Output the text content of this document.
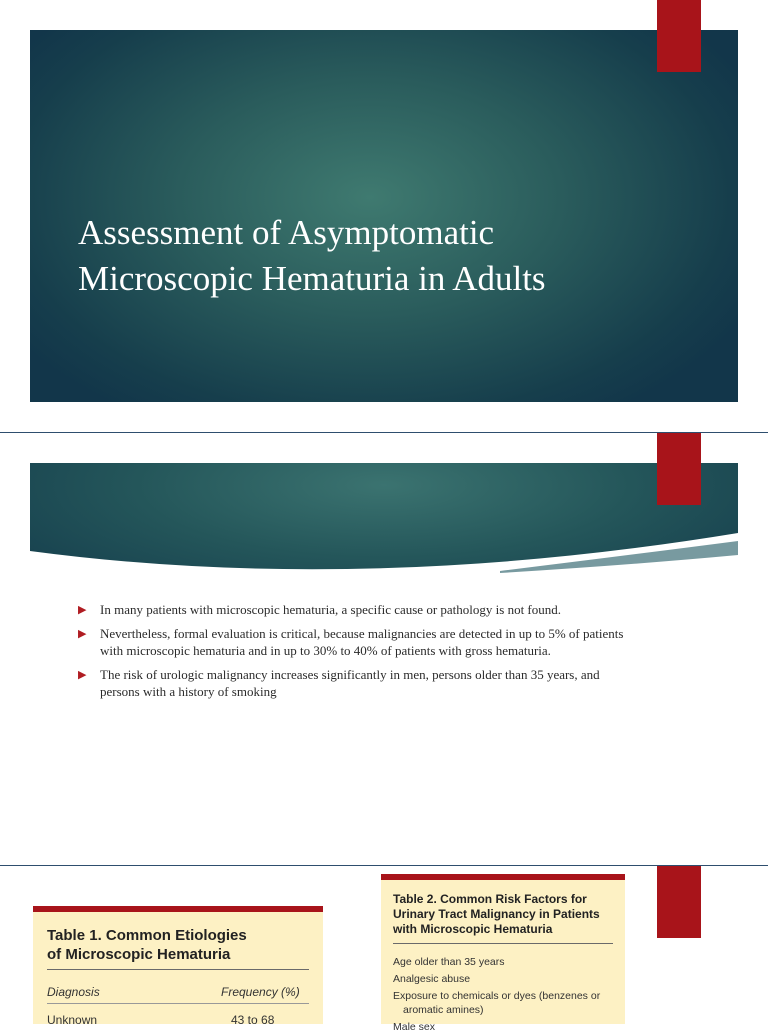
Assessment of Asymptomatic
Microscopic Hematuria in Adults
▶ In many patients with microscopic hematuria, a specific cause or pathology is not found.
▶ Nevertheless, formal evaluation is critical, because malignancies are detected in up to 5% of patients with microscopic hematuria and in up to 30% to 40% of patients with gross hematuria.
▶ The risk of urologic malignancy increases significantly in men, persons older than 35 years, and persons with a history of smoking
Table 1. Common Etiologies
of Microscopic Hematuria
Diagnosis	Frequency (%)
Unknown	43 to 68
Table 2. Common Risk Factors for
Urinary Tract Malignancy in Patients
with Microscopic Hematuria
Age older than 35 years
Analgesic abuse
Exposure to chemicals or dyes (benzenes or
aromatic amines)
Male sex
